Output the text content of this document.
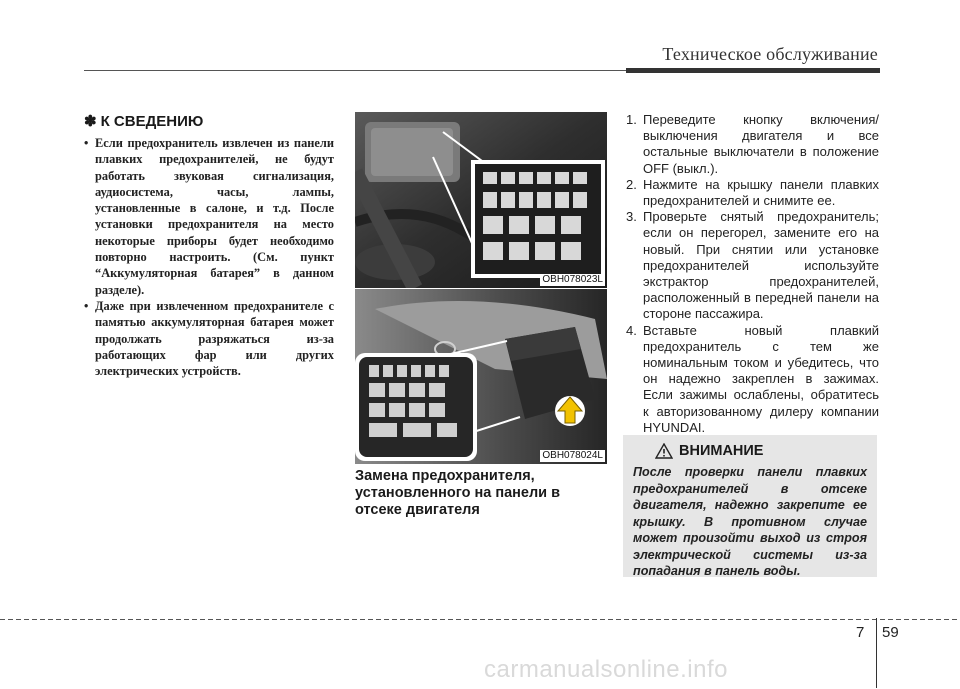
Техническое обслуживание
✽ К СВЕДЕНИЮ
• Если предохранитель извлечен из панели плавких предохранителей, не будут работать звуковая сигнализация, аудиосистема, часы, лампы, установленные в салоне, и т.д. После установки предохранителя на место некоторые приборы будет необходимо повторно настроить. (См. пункт “Аккумуляторная батарея” в данном разделе).
• Даже при извлеченном предохранителе с памятью аккумуляторная батарея может продолжать разряжаться из-за работающих фар или других электрических устройств.
OBH078023L
OBH078024L
Замена предохранителя, установленного на панели в отсеке двигателя
1. Переведите кнопку включения/ выключения двигателя и все остальные выключатели в положение OFF (выкл.).
2. Нажмите на крышку панели плавких предохранителей и снимите ее.
3. Проверьте снятый предохранитель; если он перегорел, замените его на новый. При снятии или установке предохранителей используйте экстрактор предохранителей, расположенный в передней панели на стороне пассажира.
4. Вставьте новый плавкий предохранитель с тем же номинальным током и убедитесь, что он надежно закреплен в зажимах. Если зажимы ослаблены, обратитесь к авторизованному дилеру компании HYUNDAI.
ВНИМАНИЕ
После проверки панели плавких предохранителей в отсеке двигателя, надежно закрепите ее крышку. В противном случае может произойти выход из строя электрической системы из-за попадания в панель воды.
7 59
carmanualsonline.info
